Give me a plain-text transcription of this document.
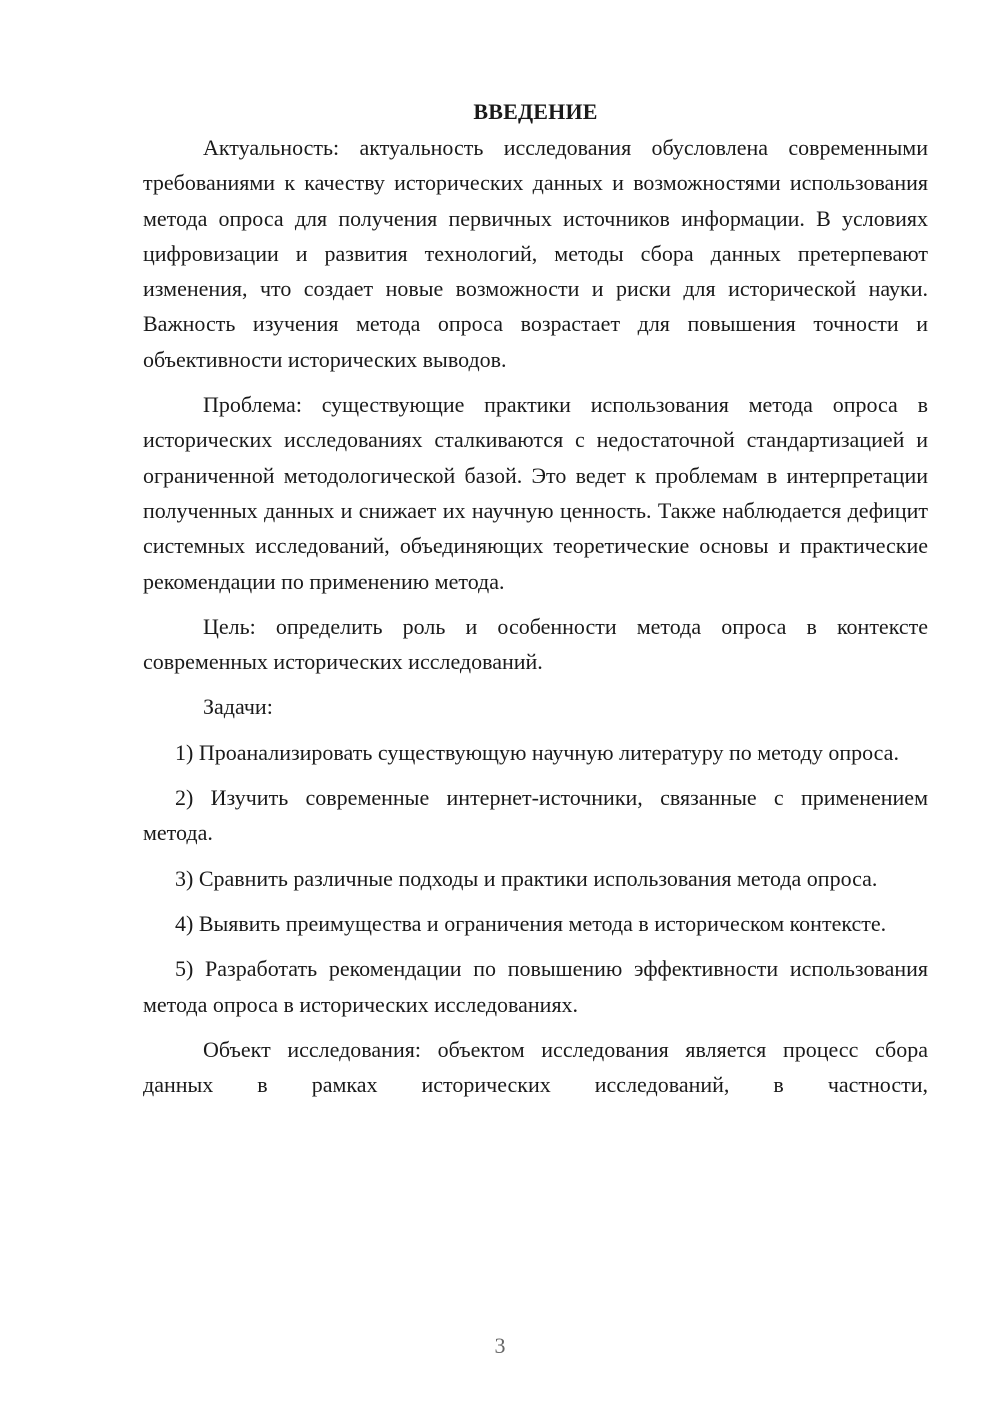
ВВЕДЕНИЕ

Актуальность: актуальность исследования обусловлена современными требованиями к качеству исторических данных и возможностями использования метода опроса для получения первичных источников информации. В условиях цифровизации и развития технологий, методы сбора данных претерпевают изменения, что создает новые возможности и риски для исторической науки. Важность изучения метода опроса возрастает для повышения точности и объективности исторических выводов.

Проблема: существующие практики использования метода опроса в исторических исследованиях сталкиваются с недостаточной стандартизацией и ограниченной методологической базой. Это ведет к проблемам в интерпретации полученных данных и снижает их научную ценность. Также наблюдается дефицит системных исследований, объединяющих теоретические основы и практические рекомендации по применению метода.

Цель: определить роль и особенности метода опроса в контексте современных исторических исследований.

Задачи:

1) Проанализировать существующую научную литературу по методу опроса.

2) Изучить современные интернет-источники, связанные с применением метода.

3) Сравнить различные подходы и практики использования метода опроса.

4) Выявить преимущества и ограничения метода в историческом контексте.

5) Разработать рекомендации по повышению эффективности использования метода опроса в исторических исследованиях.

Объект исследования: объектом исследования является процесс сбора данных в рамках исторических исследований, в частности,

3
